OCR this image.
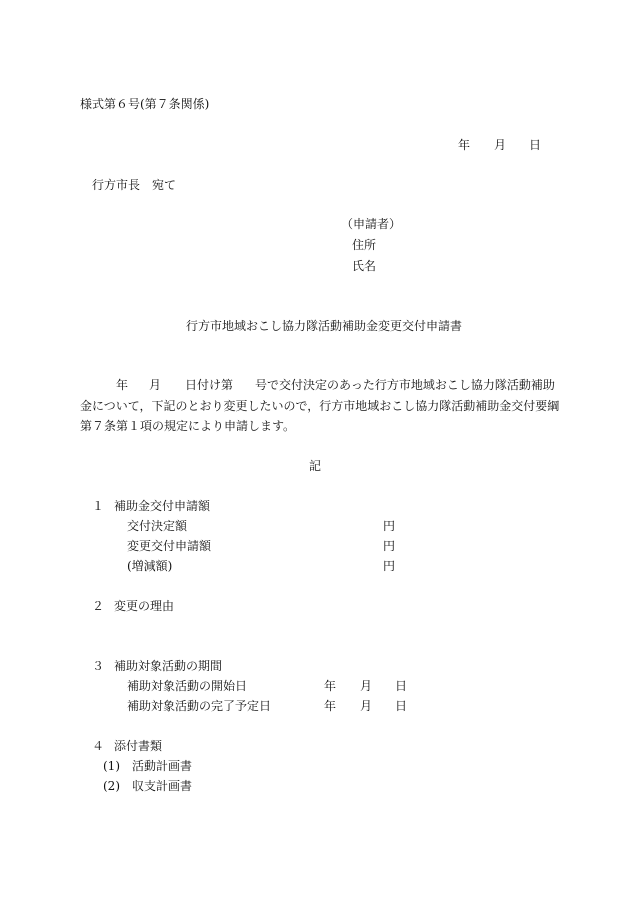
様式第６号(第７条関係)
年 月 日
行方市長　宛て
（申請者）
住所
氏名
行方市地域おこし協力隊活動補助金変更交付申請書
年 月 日付け第 号で交付決定のあった行方市地域おこし協力隊活動補助
金について，下記のとおり変更したいので，行方市地域おこし協力隊活動補助金交付要綱
第７条第１項の規定により申請します。
記
１ 補助金交付申請額
交付決定額	円
変更交付申請額	円
(増減額)	円
２ 変更の理由
３ 補助対象活動の期間
補助対象活動の開始日	年 月 日
補助対象活動の完了予定日	年 月 日
４ 添付書類
(1) 活動計画書
(2) 収支計画書
